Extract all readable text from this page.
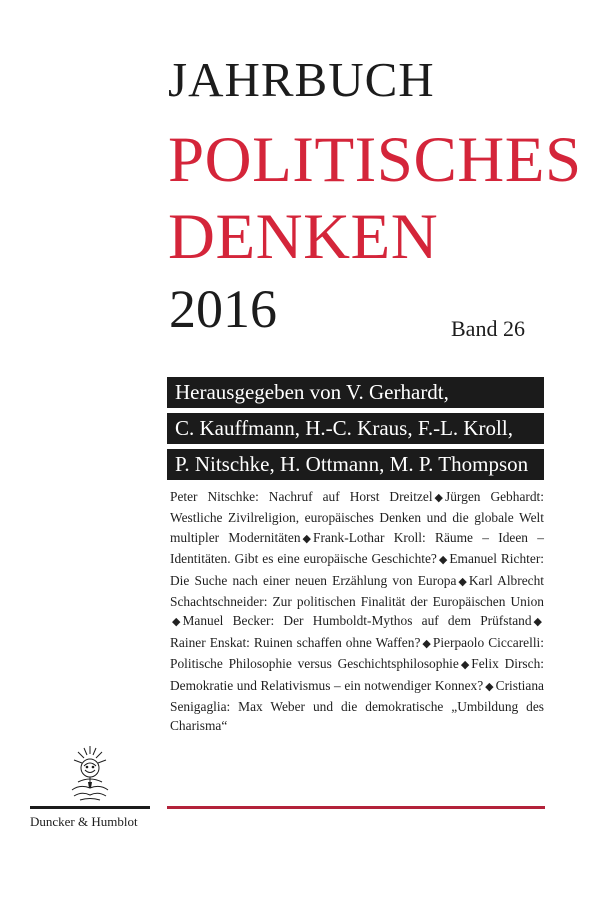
JAHRBUCH
POLITISCHES
DENKEN
2016	Band 26
Herausgegeben von V. Gerhardt,
C. Kauffmann, H.-C. Kraus, F.-L. Kroll,
P. Nitschke, H. Ottmann, M. P. Thompson
Peter Nitschke: Nachruf auf Horst Dreitzel ◆ Jürgen Gebhardt: Westliche Zivilreligion, europäisches Denken und die globale Welt multipler Modernitäten ◆ Frank-Lothar Kroll: Räume – Ideen – Identitäten. Gibt es eine europäische Geschichte? ◆ Emanuel Richter: Die Suche nach einer neuen Erzählung von Europa ◆ Karl Albrecht Schachtschneider: Zur politischen Finalität der Europäischen Union◆ Manuel Becker: Der Humboldt-Mythos auf dem Prüfstand ◆Rainer Enskat: Ruinen schaffen ohne Waffen? ◆ Pierpaolo Ciccarelli: Politische Philosophie versus Geschichtsphilosophie ◆ Felix Dirsch: Demokratie und Relativismus – ein notwendiger Konnex? ◆ Cristiana Senigaglia: Max Weber und die demokratische „Umbildung des Charisma“
Duncker & Humblot
